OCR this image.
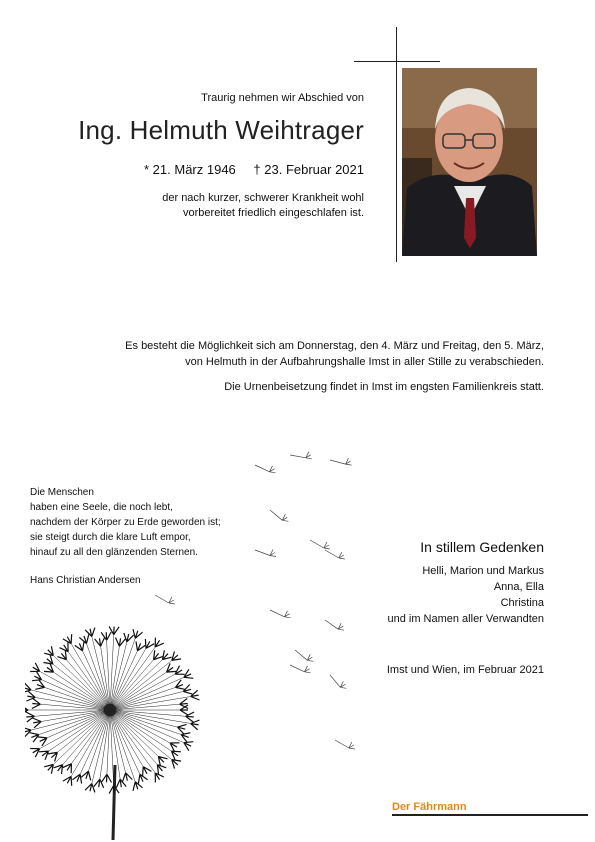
Traurig nehmen wir Abschied von
Ing. Helmuth Weihtrager
* 21. März 1946 † 23. Februar 2021
der nach kurzer, schwerer Krankheit wohl
vorbereitet friedlich eingeschlafen ist.
Es besteht die Möglichkeit sich am Donnerstag, den 4. März und Freitag, den 5. März,
von Helmuth in der Aufbahrungshalle Imst in aller Stille zu verabschieden.
Die Urnenbeisetzung findet in Imst im engsten Familienkreis statt.
Die Menschen
haben eine Seele, die noch lebt,
nachdem der Körper zu Erde geworden ist;
sie steigt durch die klare Luft empor,
hinauf zu all den glänzenden Sternen.
Hans Christian Andersen
In stillem Gedenken
Helli, Marion und Markus
Anna, Ella
Christina
und im Namen aller Verwandten
Imst und Wien, im Februar 2021
Der Fährmann
